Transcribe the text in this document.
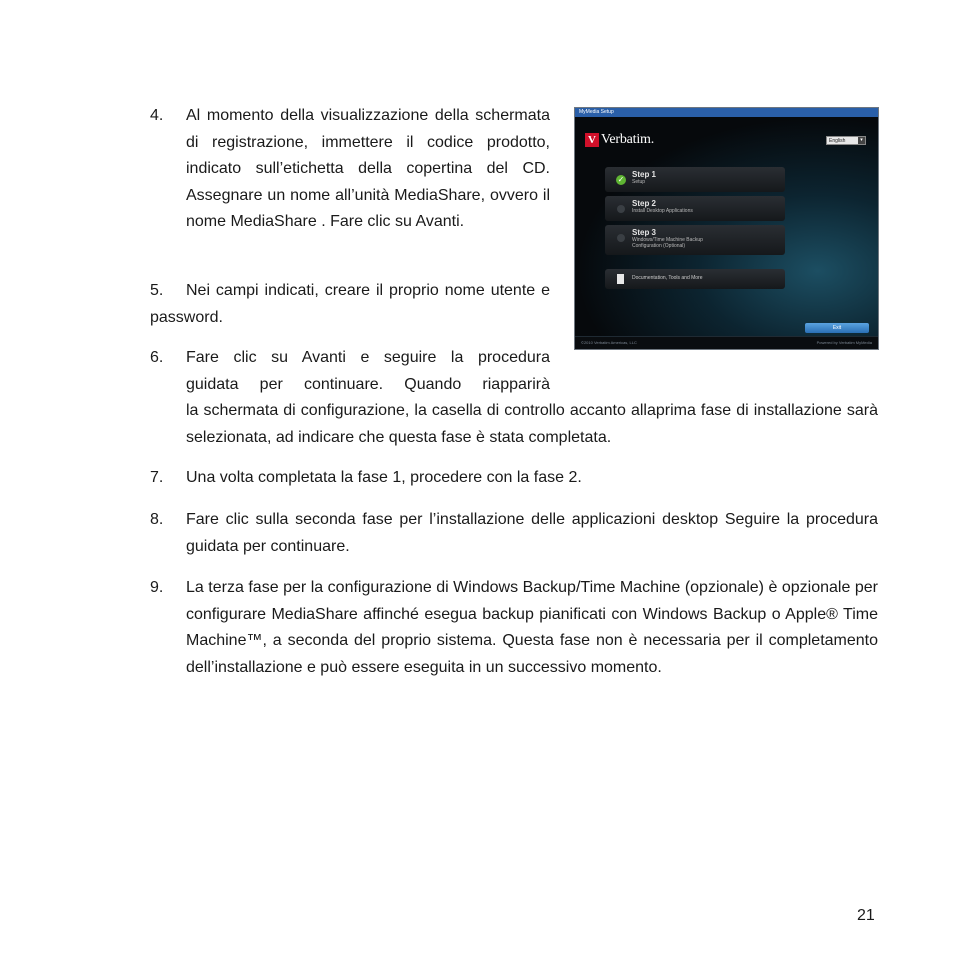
4.	Al momento della visualizzazione della schermata di registrazione, immettere il codice prodotto, indicato sull’etichetta della copertina del CD. Assegnare un nome all’unità MediaShare, ovvero il nome MediaShare . Fare clic su Avanti.
5. Nei campi indicati, creare il proprio nome utente e password.
6.	Fare clic su Avanti e seguire la procedura
guidata per continuare. Quando riapparirà
la schermata di configurazione, la casella di controllo accanto allaprima fase di installazione sarà selezionata, ad indicare che questa fase è stata completata.
7.	Una volta completata la fase 1, procedere con la fase 2.
8.	Fare clic sulla seconda fase per l’installazione delle applicazioni desktop Seguire la procedura guidata per continuare.
9.	La terza fase per la configurazione di Windows Backup/Time Machine (opzionale) è opzionale per configurare MediaShare affinché esegua backup pianificati con Windows Backup o Apple® Time Machine™, a seconda del proprio sistema. Questa fase non è necessaria per il completamento dell’installazione e può essere eseguita in un successivo momento.
MyMedia Setup
V Verbatim.	English	▾
✓
Step 1
Setup
Step 2
Install Desktop Applications
Step 3
Windows/Time Machine Backup Configuration (Optional)
Documentation, Tools and More
Exit
©2010 Verbatim Americas, LLC	Powered by Verbatim MyMedia
21
